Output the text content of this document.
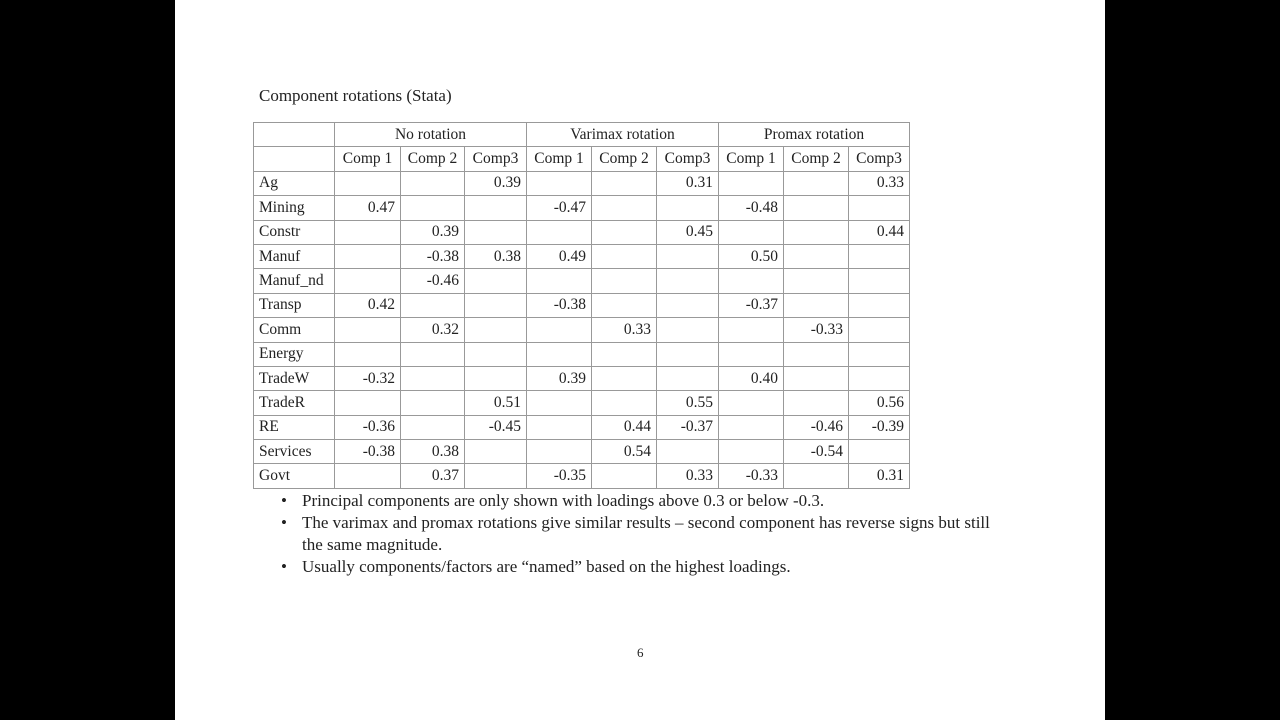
Component rotations (Stata)
	No rotation			Varimax rotation			Promax rotation		
	Comp 1	Comp 2	Comp3	Comp 1	Comp 2	Comp3	Comp 1	Comp 2	Comp3
Ag			0.39			0.31			0.33
Mining	0.47			-0.47			-0.48		
Constr		0.39				0.45			0.44
Manuf		-0.38	0.38	0.49			0.50		
Manuf_nd		-0.46							
Transp	0.42			-0.38			-0.37		
Comm		0.32			0.33			-0.33	
Energy									
TradeW	-0.32			0.39			0.40		
TradeR			0.51			0.55			0.56
RE	-0.36		-0.45		0.44	-0.37		-0.46	-0.39
Services	-0.38	0.38			0.54			-0.54	
Govt		0.37		-0.35		0.33	-0.33		0.31
• Principal components are only shown with loadings above 0.3 or below -0.3.
• The varimax and promax rotations give similar results – second component has reverse signs but still the same magnitude.
• Usually components/factors are “named” based on the highest loadings.
6
